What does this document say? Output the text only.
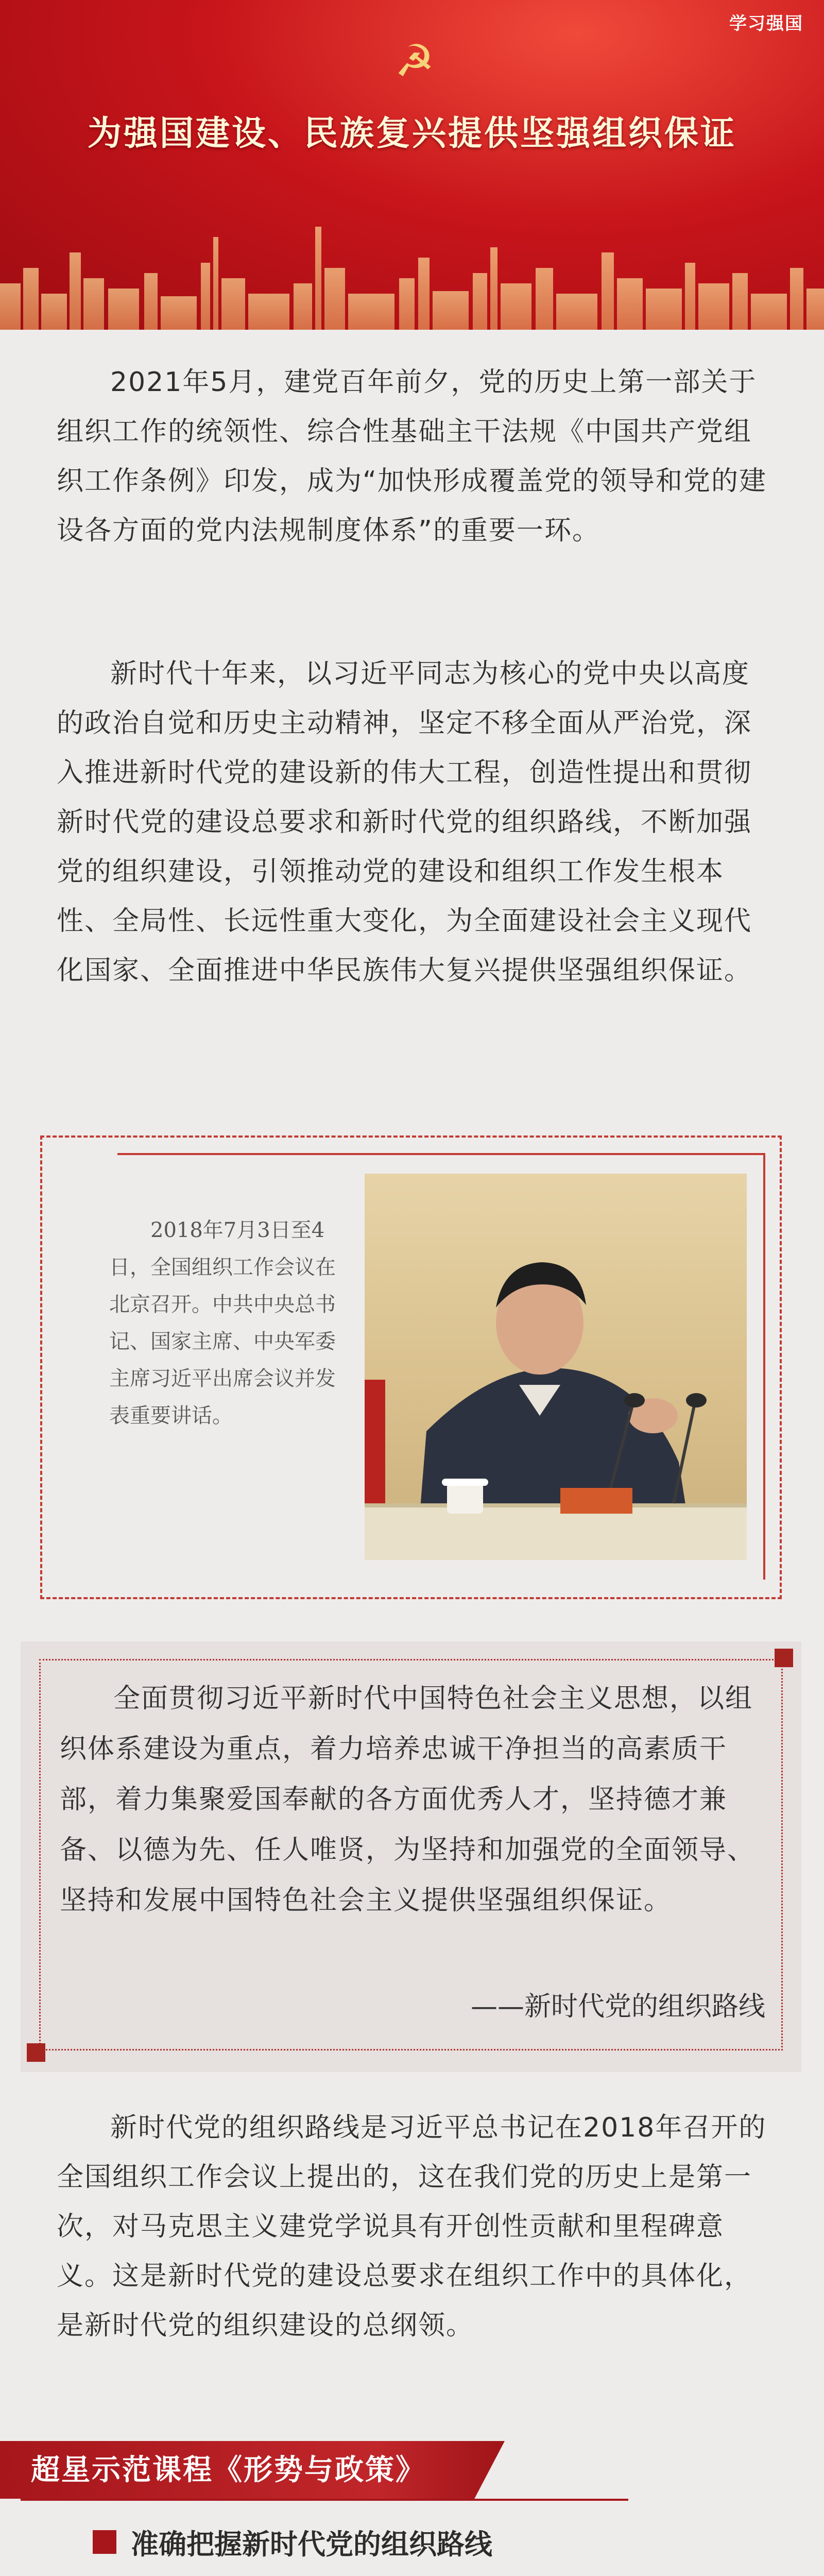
学习强国
☭
为强国建设、民族复兴提供坚强组织保证
2021年5月，建党百年前夕，党的历史上第一部关于组织工作的统领性、综合性基础主干法规《中国共产党组织工作条例》印发，成为“加快形成覆盖党的领导和党的建设各方面的党内法规制度体系”的重要一环。
新时代十年来，以习近平同志为核心的党中央以高度的政治自觉和历史主动精神，坚定不移全面从严治党，深入推进新时代党的建设新的伟大工程，创造性提出和贯彻新时代党的建设总要求和新时代党的组织路线，不断加强党的组织建设，引领推动党的建设和组织工作发生根本性、全局性、长远性重大变化，为全面建设社会主义现代化国家、全面推进中华民族伟大复兴提供坚强组织保证。
2018年7月3日至4日，全国组织工作会议在北京召开。中共中央总书记、国家主席、中央军委主席习近平出席会议并发表重要讲话。
全面贯彻习近平新时代中国特色社会主义思想，以组织体系建设为重点，着力培养忠诚干净担当的高素质干部，着力集聚爱国奉献的各方面优秀人才，坚持德才兼备、以德为先、任人唯贤，为坚持和加强党的全面领导、坚持和发展中国特色社会主义提供坚强组织保证。
——新时代党的组织路线
新时代党的组织路线是习近平总书记在2018年召开的全国组织工作会议上提出的，这在我们党的历史上是第一次，对马克思主义建党学说具有开创性贡献和里程碑意义。这是新时代党的建设总要求在组织工作中的具体化，是新时代党的组织建设的总纲领。
超星示范课程《形势与政策》
准确把握新时代党的组织路线
